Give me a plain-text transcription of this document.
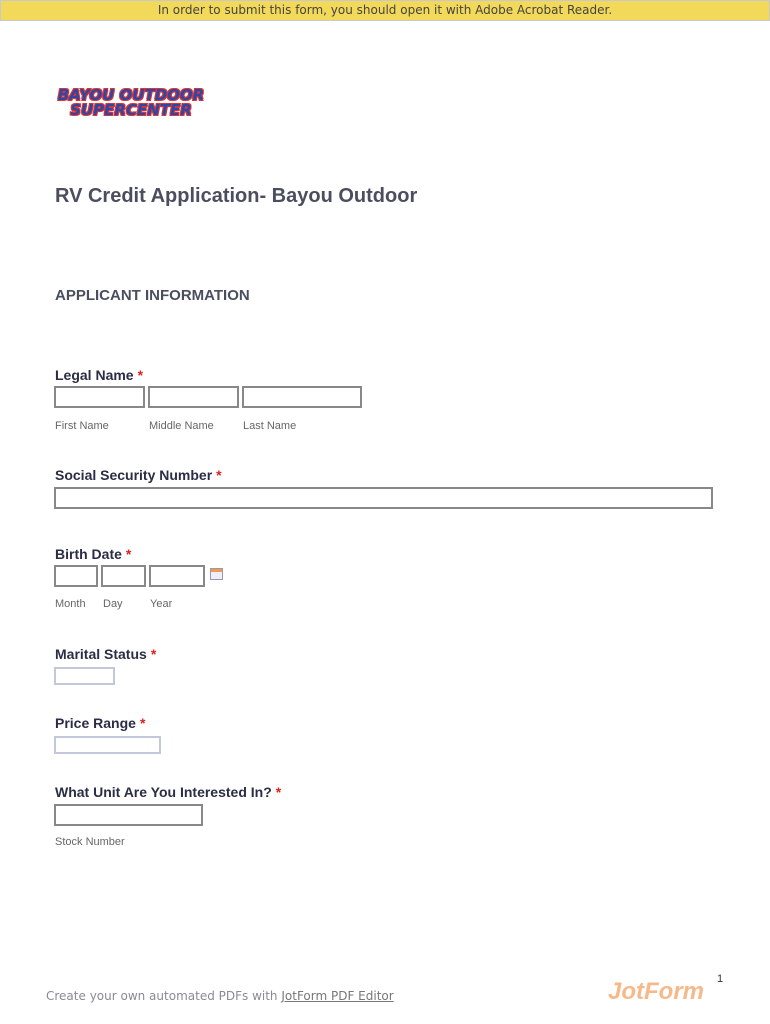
In order to submit this form, you should open it with Adobe Acrobat Reader.
BAYOU OUTDOOR
SUPERCENTER
RV Credit Application- Bayou Outdoor
APPLICANT INFORMATION
Legal Name *
First Name	Middle Name	Last Name
Social Security Number *
Birth Date *
Month Day Year
Marital Status *
Price Range *
What Unit Are You Interested In? *
Stock Number
Create your own automated PDFs with JotForm PDF Editor	JotForm 1
